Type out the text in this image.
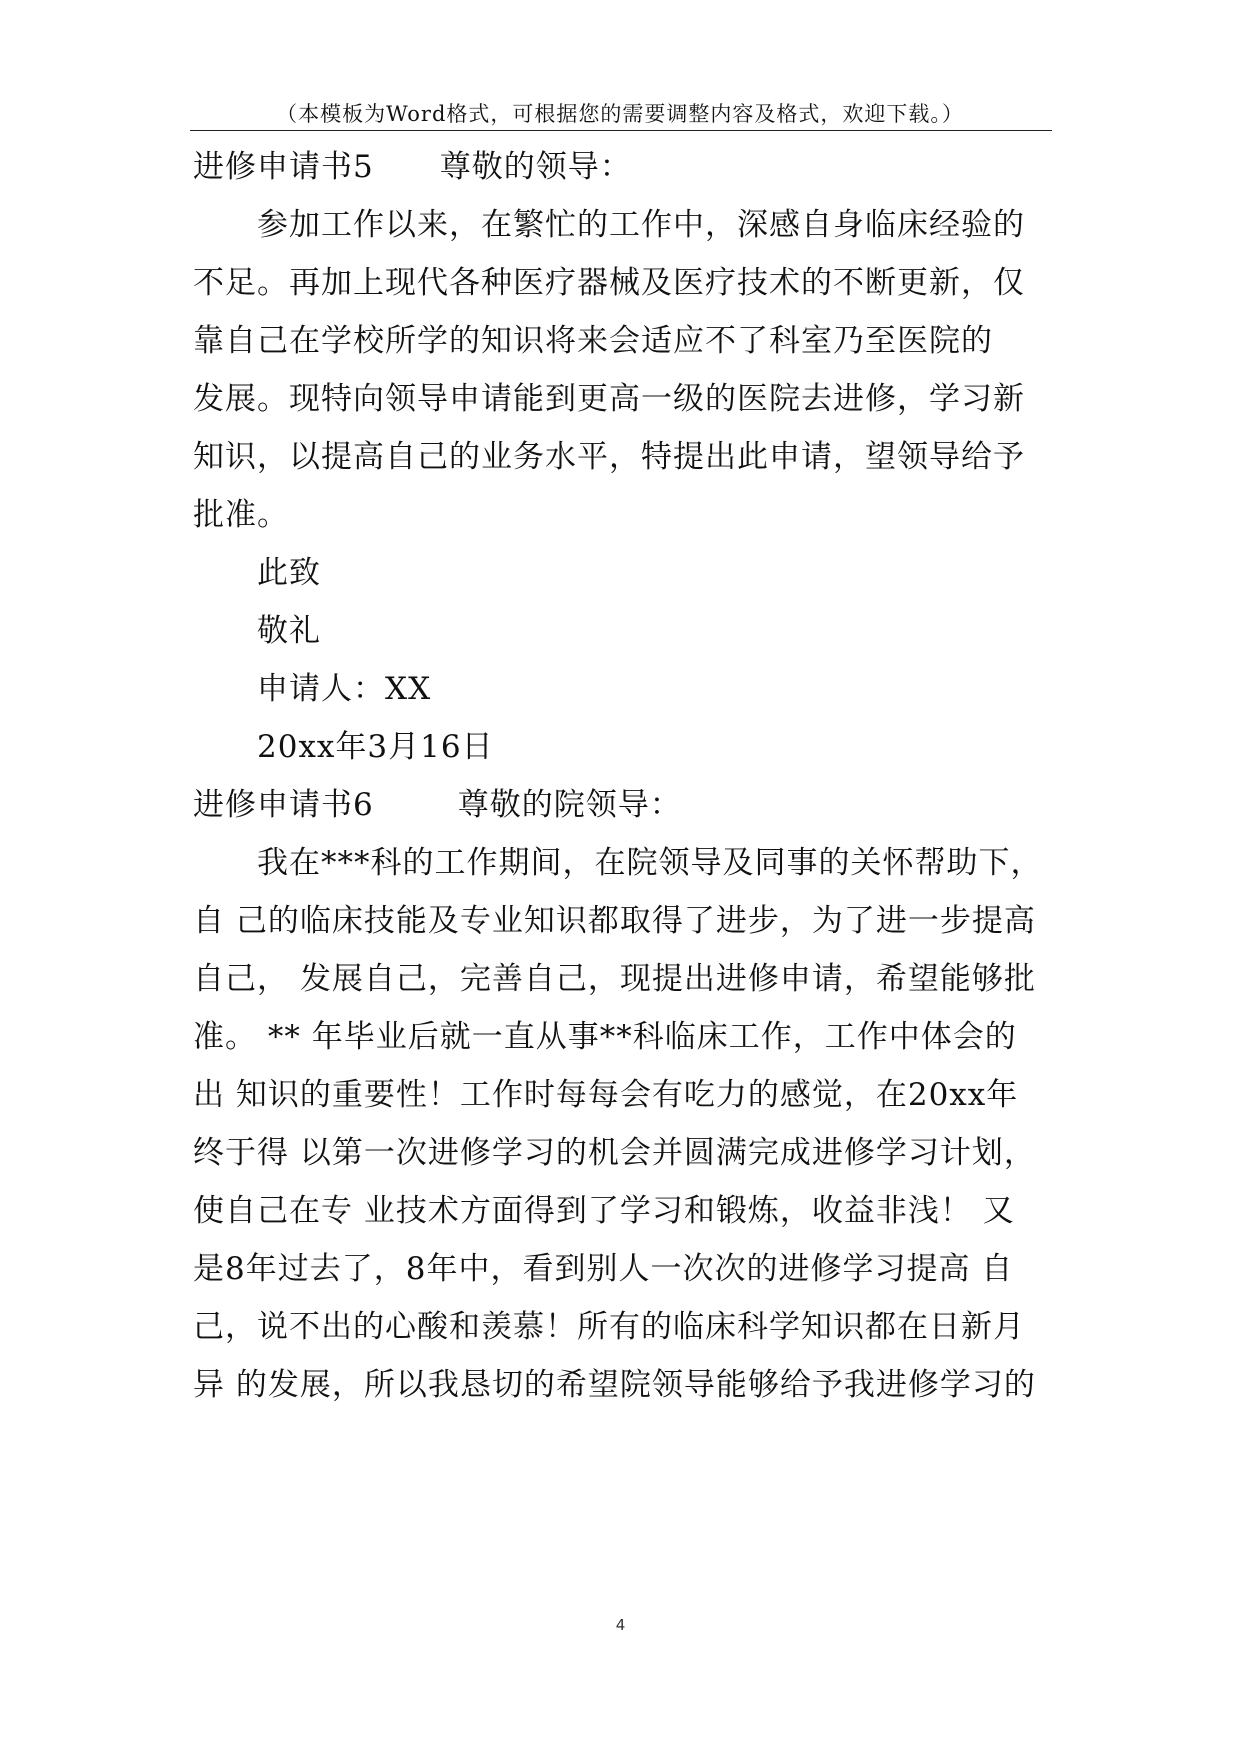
（本模板为Word格式，可根据您的需要调整内容及格式，欢迎下载。）
进修申请书5 尊敬的领导：
参加工作以来，在繁忙的工作中，深感自身临床经验的
不足。再加上现代各种医疗器械及医疗技术的不断更新，仅
靠自己在学校所学的知识将来会适应不了科室乃至医院的
发展。现特向领导申请能到更高一级的医院去进修，学习新
知识，以提高自己的业务水平，特提出此申请，望领导给予
批准。
此致
敬礼
申请人：XX
20xx年3月16日
进修申请书6	尊敬的院领导：
我在***科的工作期间，在院领导及同事的关怀帮助下，
自 己的临床技能及专业知识都取得了进步，为了进一步提高
自己， 发展自己，完善自己，现提出进修申请，希望能够批
准。 ** 年毕业后就一直从事**科临床工作，工作中体会的
出 知识的重要性！工作时每每会有吃力的感觉，在20xx年
终于得 以第一次进修学习的机会并圆满完成进修学习计划，
使自己在专 业技术方面得到了学习和锻炼，收益非浅！ 又
是8年过去了，8年中，看到别人一次次的进修学习提高 自
己，说不出的心酸和羡慕！所有的临床科学知识都在日新月
异 的发展，所以我恳切的希望院领导能够给予我进修学习的
4
